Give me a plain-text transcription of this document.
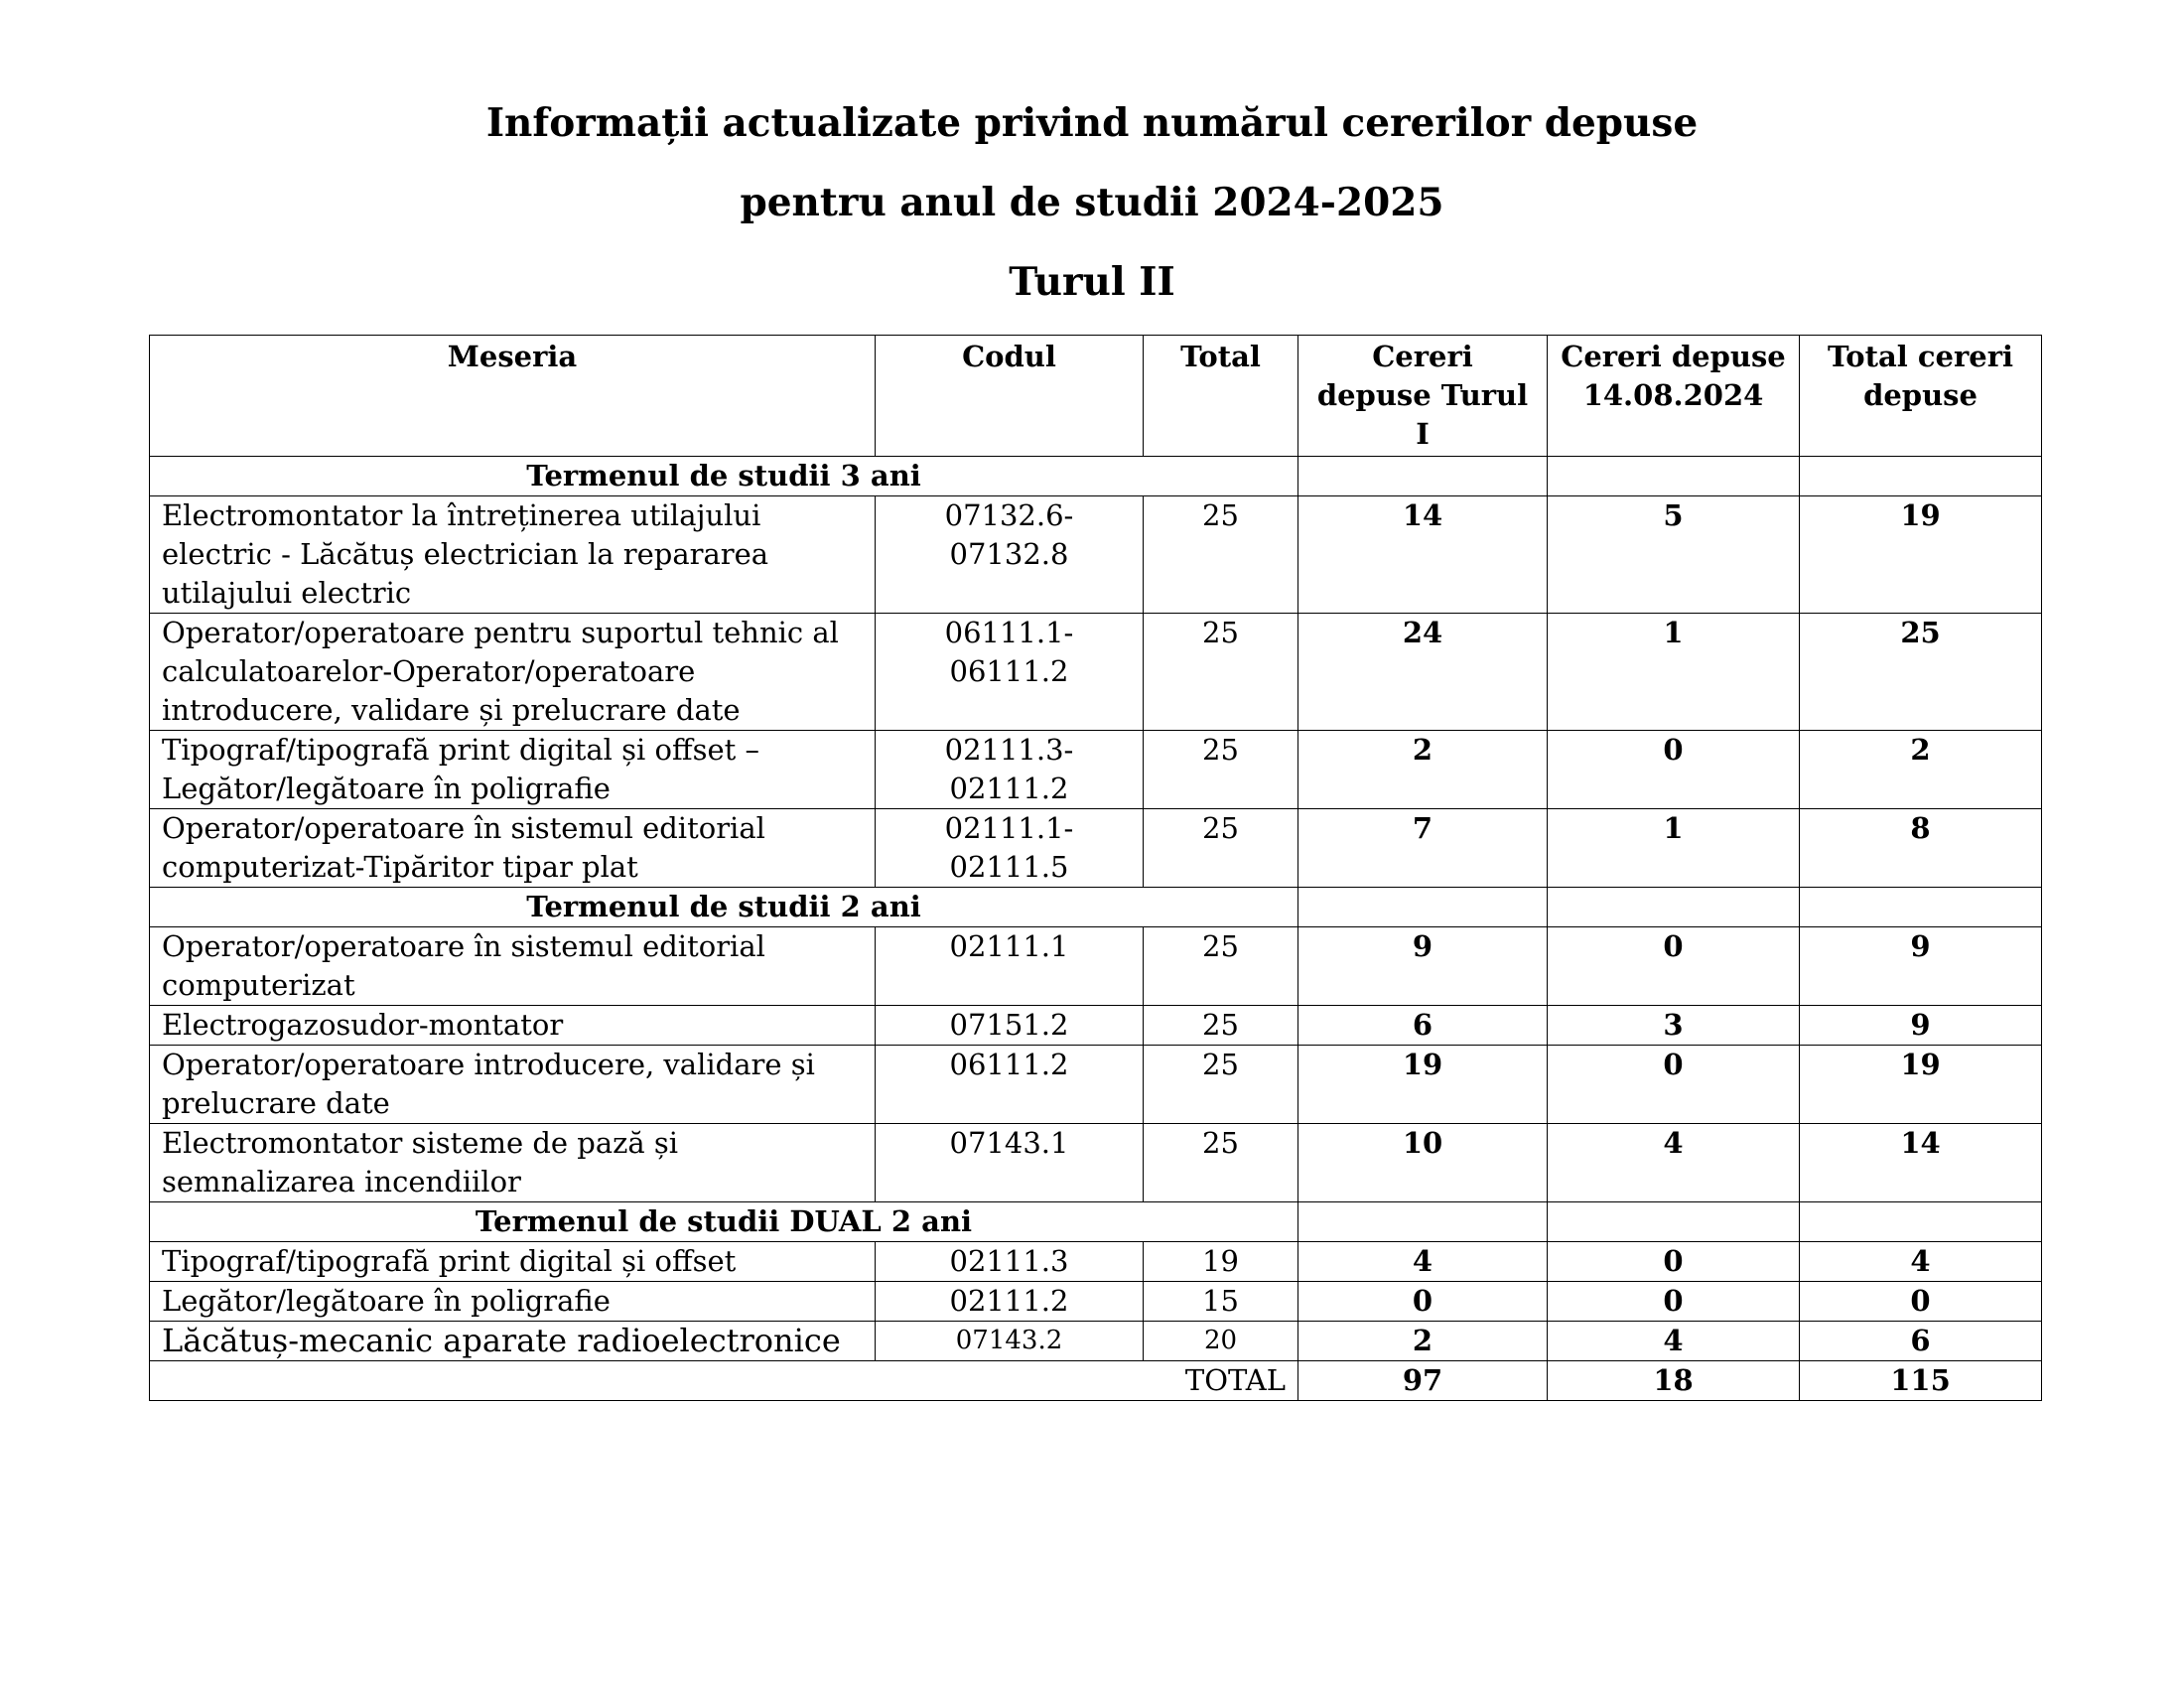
Informații actualizate privind numărul cererilor depuse

pentru anul de studii 2024-2025

Turul II

Meseria	Codul	Total	Cereri depuse Turul I	Cereri depuse 14.08.2024	Total cereri depuse
Termenul de studii 3 ani					
Electromontator la întreținerea utilajului electric - Lăcătuș electrician la repararea utilajului electric	07132.6-07132.8	25	14	5	19
Operator/operatoare pentru suportul tehnic al calculatoarelor-Operator/operatoare introducere, validare și prelucrare date	06111.1-06111.2	25	24	1	25
Tipograf/tipografă print digital și offset – Legător/legătoare în poligrafie	02111.3-02111.2	25	2	0	2
Operator/operatoare în sistemul editorial computerizat-Tipăritor tipar plat	02111.1-02111.5	25	7	1	8
Termenul de studii 2 ani					
Operator/operatoare în sistemul editorial computerizat	02111.1	25	9	0	9
Electrogazosudor-montator	07151.2	25	6	3	9
Operator/operatoare introducere, validare și prelucrare date	06111.2	25	19	0	19
Electromontator sisteme de pază și semnalizarea incendiilor	07143.1	25	10	4	14
Termenul de studii DUAL 2 ani					
Tipograf/tipografă print digital și offset	02111.3	19	4	0	4
Legător/legătoare în poligrafie	02111.2	15	0	0	0
Lăcătuș-mecanic aparate radioelectronice	07143.2	20	2	4	6
TOTAL			97	18	115
